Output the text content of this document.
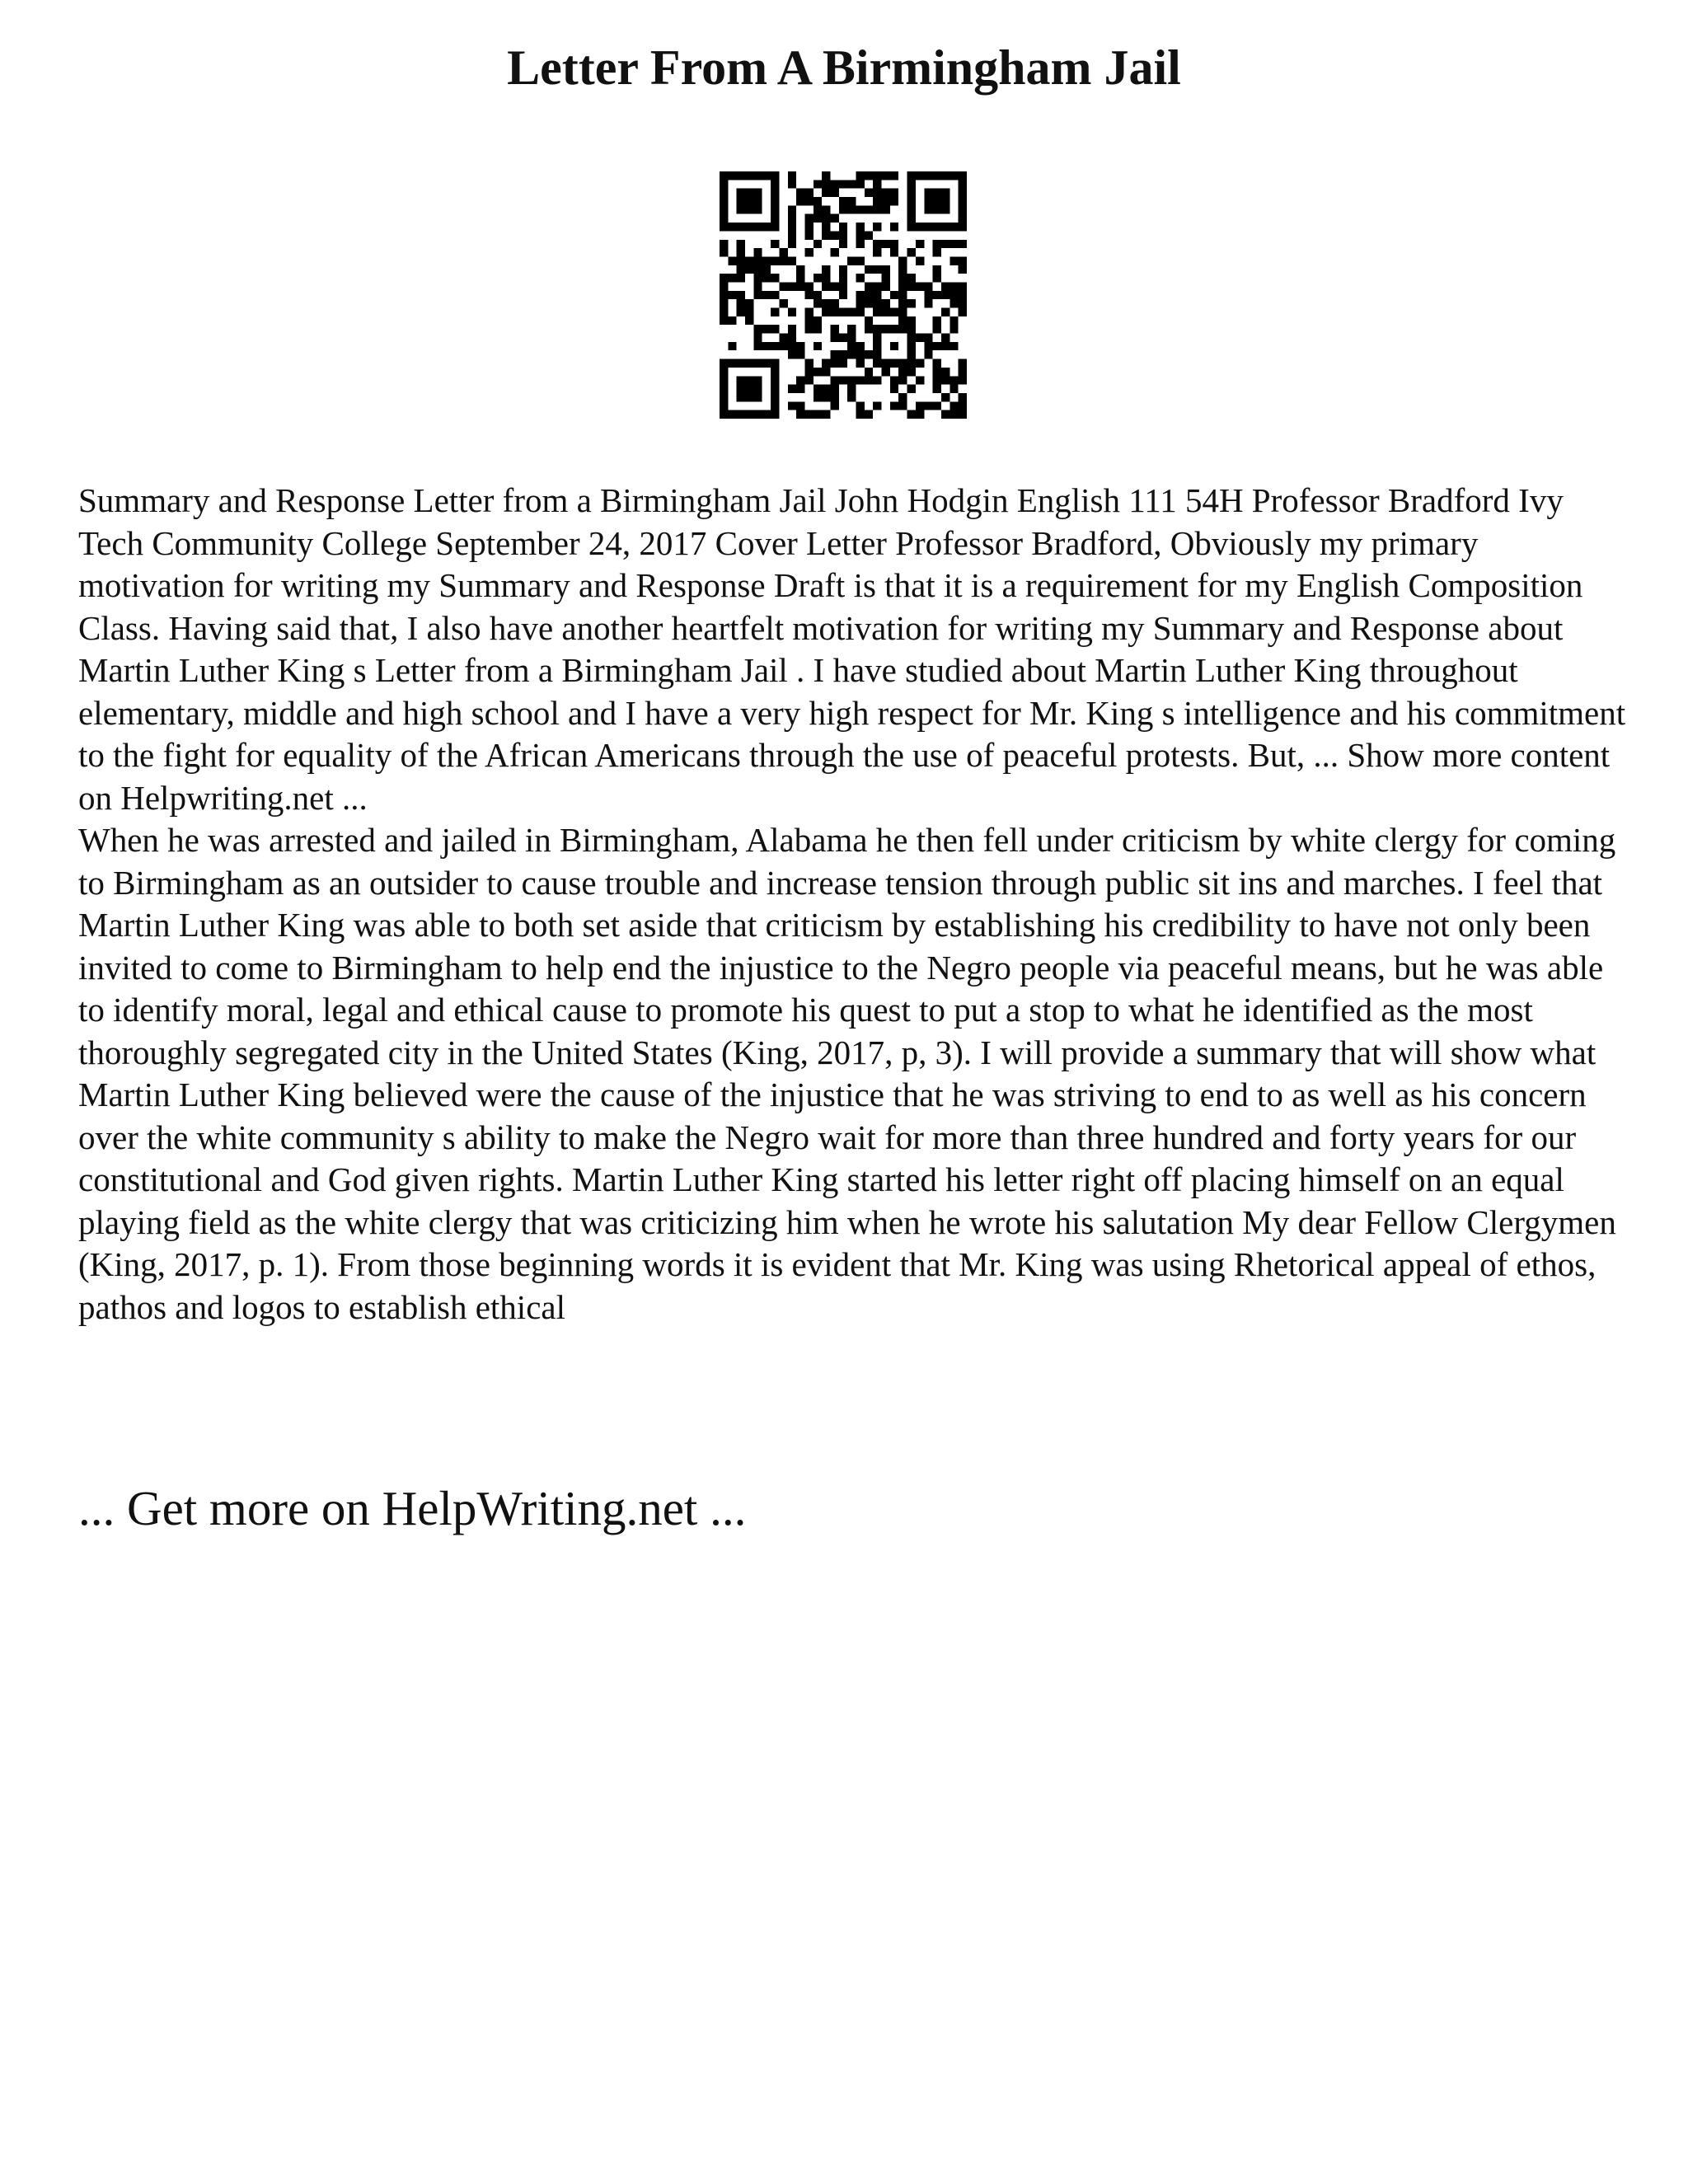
Letter From A Birmingham Jail

Summary and Response Letter from a Birmingham Jail John Hodgin English 111 54H Professor Bradford Ivy Tech Community College September 24, 2017 Cover Letter Professor Bradford, Obviously my primary motivation for writing my Summary and Response Draft is that it is a requirement for my English Composition Class. Having said that, I also have another heartfelt motivation for writing my Summary and Response about Martin Luther King s Letter from a Birmingham Jail . I have studied about Martin Luther King throughout elementary, middle and high school and I have a very high respect for Mr. King s intelligence and his commitment to the fight for equality of the African Americans through the use of peaceful protests. But, ... Show more content on Helpwriting.net ...

When he was arrested and jailed in Birmingham, Alabama he then fell under criticism by white clergy for coming to Birmingham as an outsider to cause trouble and increase tension through public sit ins and marches. I feel that Martin Luther King was able to both set aside that criticism by establishing his credibility to have not only been invited to come to Birmingham to help end the injustice to the Negro people via peaceful means, but he was able to identify moral, legal and ethical cause to promote his quest to put a stop to what he identified as the most thoroughly segregated city in the United States (King, 2017, p, 3). I will provide a summary that will show what Martin Luther King believed were the cause of the injustice that he was striving to end to as well as his concern over the white community s ability to make the Negro wait for more than three hundred and forty years for our constitutional and God given rights. Martin Luther King started his letter right off placing himself on an equal playing field as the white clergy that was criticizing him when he wrote his salutation My dear Fellow Clergymen (King, 2017, p. 1). From those beginning words it is evident that Mr. King was using Rhetorical appeal of ethos, pathos and logos to establish ethical

... Get more on HelpWriting.net ...
